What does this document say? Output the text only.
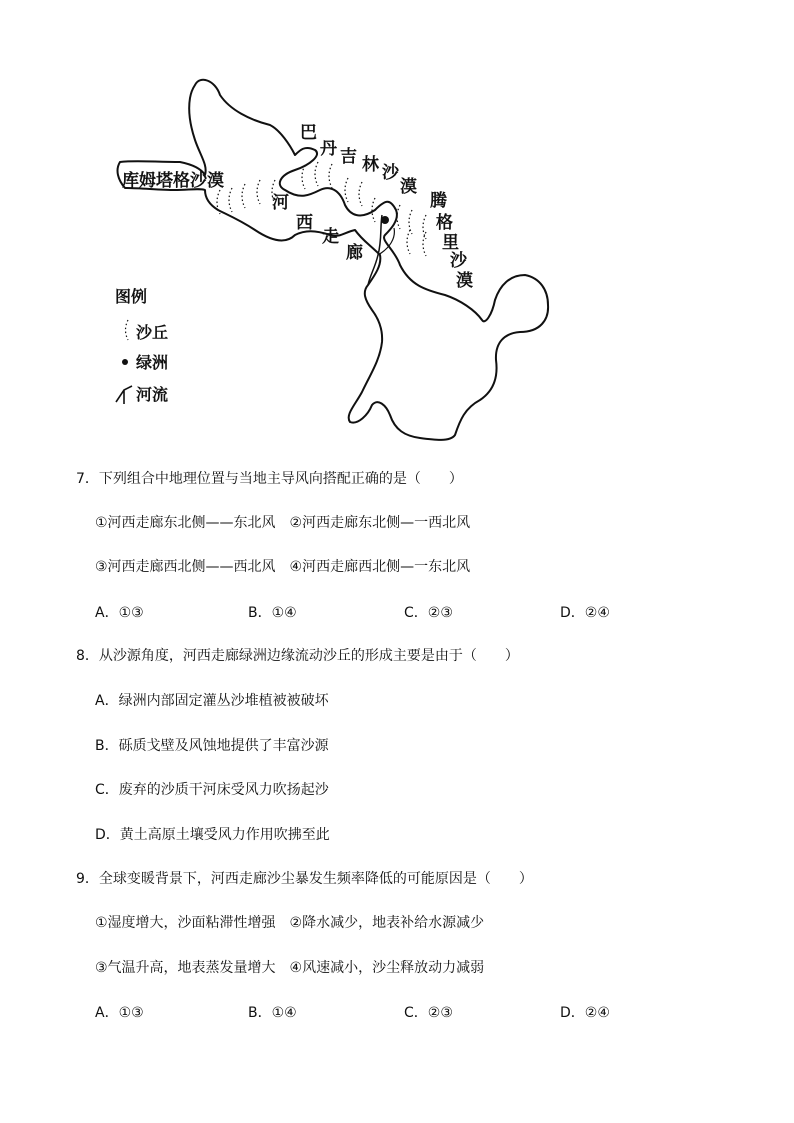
库姆塔格沙漠
巴
丹 吉 林 沙
漠
河
西
走
廊
腾
格
里
沙
漠
图例
沙丘
绿洲
河流
7．下列组合中地理位置与当地主导风向搭配正确的是（　　）
①河西走廊东北侧——东北风　②河西走廊东北侧—一西北风
③河西走廊西北侧——西北风　④河西走廊西北侧—一东北风
A．①③	B．①④	C．②③	D．②④
8．从沙源角度，河西走廊绿洲边缘流动沙丘的形成主要是由于（　　）
A．绿洲内部固定灌丛沙堆植被被破坏
B．砾质戈壁及风蚀地提供了丰富沙源
C．废弃的沙质干河床受风力吹扬起沙
D．黄土高原土壤受风力作用吹拂至此
9．全球变暖背景下，河西走廊沙尘暴发生频率降低的可能原因是（　　）
①湿度增大，沙面粘滞性增强　②降水减少，地表补给水源减少
③气温升高，地表蒸发量增大　④风速减小，沙尘释放动力减弱
A．①③	B．①④	C．②③	D．②④
